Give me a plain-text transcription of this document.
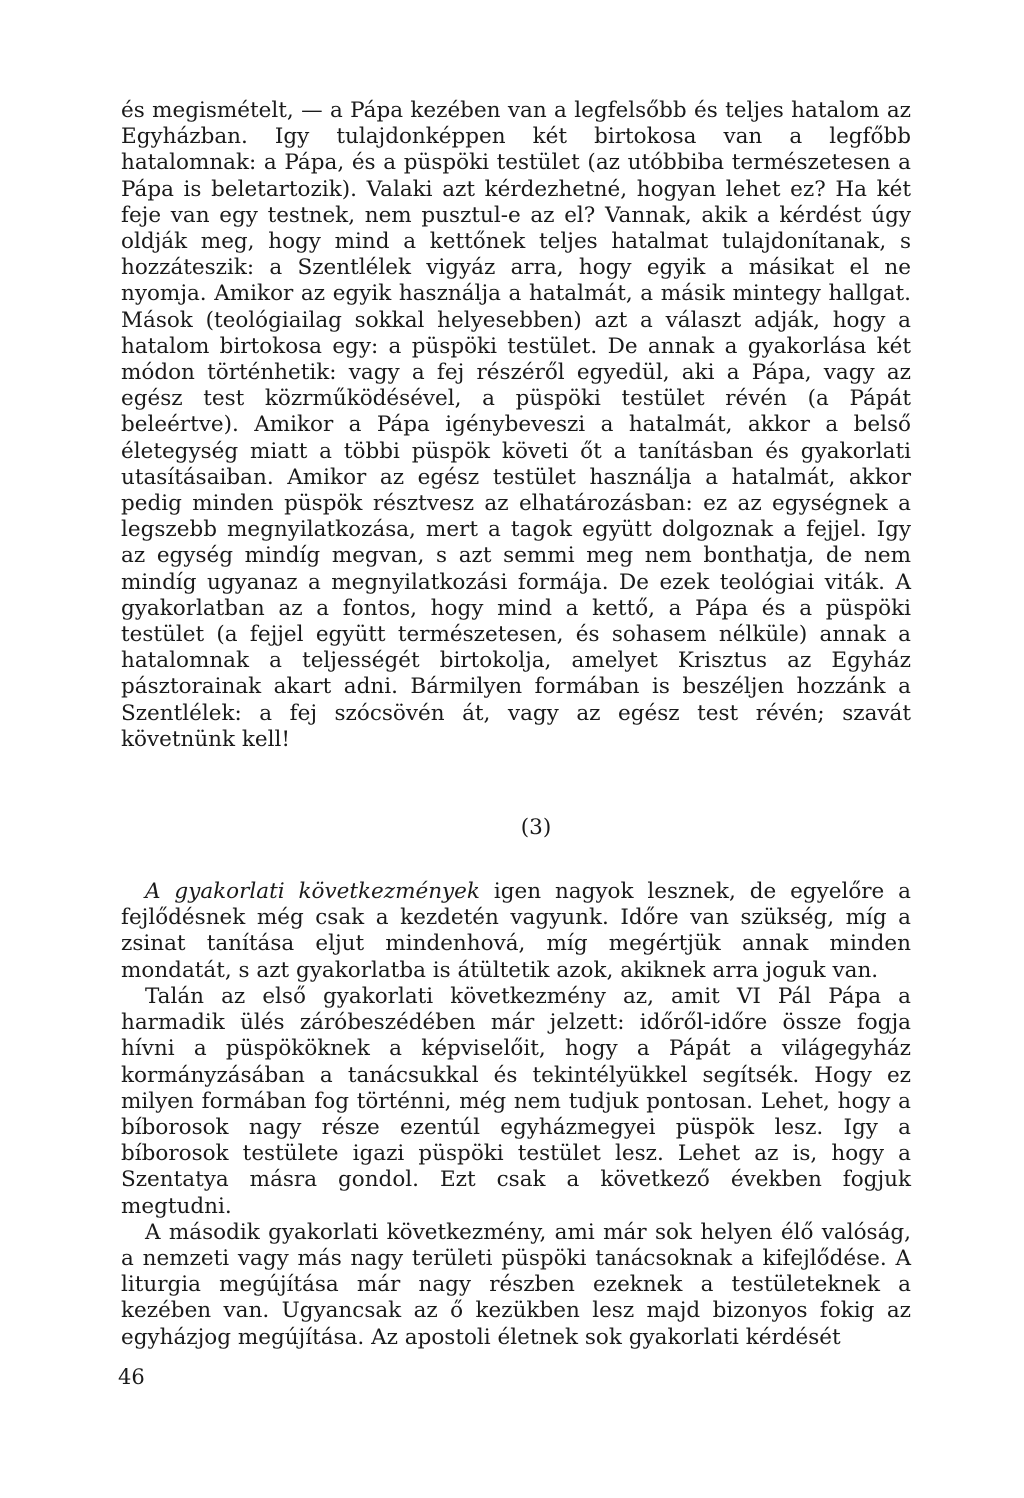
és megismételt, — a Pápa kezében van a legfelsőbb és teljes hatalom az Egyházban. Igy tulajdonképpen két birtokosa van a legfőbb hatalomnak: a Pápa, és a püspöki testület (az utóbbiba természetesen a Pápa is beletartozik). Valaki azt kérdezhetné, hogyan lehet ez? Ha két feje van egy testnek, nem pusztul-e az el? Vannak, akik a kérdést úgy oldják meg, hogy mind a kettőnek teljes hatalmat tulajdonítanak, s hozzáteszik: a Szentlélek vigyáz arra, hogy egyik a másikat el ne nyomja. Amikor az egyik használja a hatalmát, a másik mintegy hallgat. Mások (teológiailag sokkal helyesebben) azt a választ adják, hogy a hatalom birtokosa egy: a püspöki testület. De annak a gyakorlása két módon történhetik: vagy a fej részéről egyedül, aki a Pápa, vagy az egész test közrműködésével, a püspöki testület révén (a Pápát beleértve). Amikor a Pápa igénybeveszi a hatalmát, akkor a belső életegység miatt a többi püspök követi őt a tanításban és gyakorlati utasításaiban. Amikor az egész testület használja a hatalmát, akkor pedig minden püspök résztvesz az elhatározásban: ez az egységnek a legszebb megnyilatkozása, mert a tagok együtt dolgoznak a fejjel. Igy az egység mindíg megvan, s azt semmi meg nem bonthatja, de nem mindíg ugyanaz a megnyilatkozási formája. De ezek teológiai viták. A gyakorlatban az a fontos, hogy mind a kettő, a Pápa és a püspöki testület (a fejjel együtt természetesen, és sohasem nélküle) annak a hatalomnak a teljességét birtokolja, amelyet Krisztus az Egyház pásztorainak akart adni. Bármilyen formában is beszéljen hozzánk a Szentlélek: a fej szócsövén át, vagy az egész test révén; szavát követnünk kell!

(3)

A gyakorlati következmények igen nagyok lesznek, de egyelőre a fejlődésnek még csak a kezdetén vagyunk. Időre van szükség, míg a zsinat tanítása eljut mindenhová, míg megértjük annak minden mondatát, s azt gyakorlatba is átültetik azok, akiknek arra joguk van.

Talán az első gyakorlati következmény az, amit VI Pál Pápa a harmadik ülés záróbeszédében már jelzett: időről-időre össze fogja hívni a püspököknek a képviselőit, hogy a Pápát a világegyház kormányzásában a tanácsukkal és tekintélyükkel segítsék. Hogy ez milyen formában fog történni, még nem tudjuk pontosan. Lehet, hogy a bíborosok nagy része ezentúl egyházmegyei püspök lesz. Igy a bíborosok testülete igazi püspöki testület lesz. Lehet az is, hogy a Szentatya másra gondol. Ezt csak a következő években fogjuk megtudni.

A második gyakorlati következmény, ami már sok helyen élő valóság, a nemzeti vagy más nagy területi püspöki tanácsoknak a kifejlődése. A liturgia megújítása már nagy részben ezeknek a testületeknek a kezében van. Ugyancsak az ő kezükben lesz majd bizonyos fokig az egyházjog megújítása. Az apostoli életnek sok gyakorlati kérdését

46
